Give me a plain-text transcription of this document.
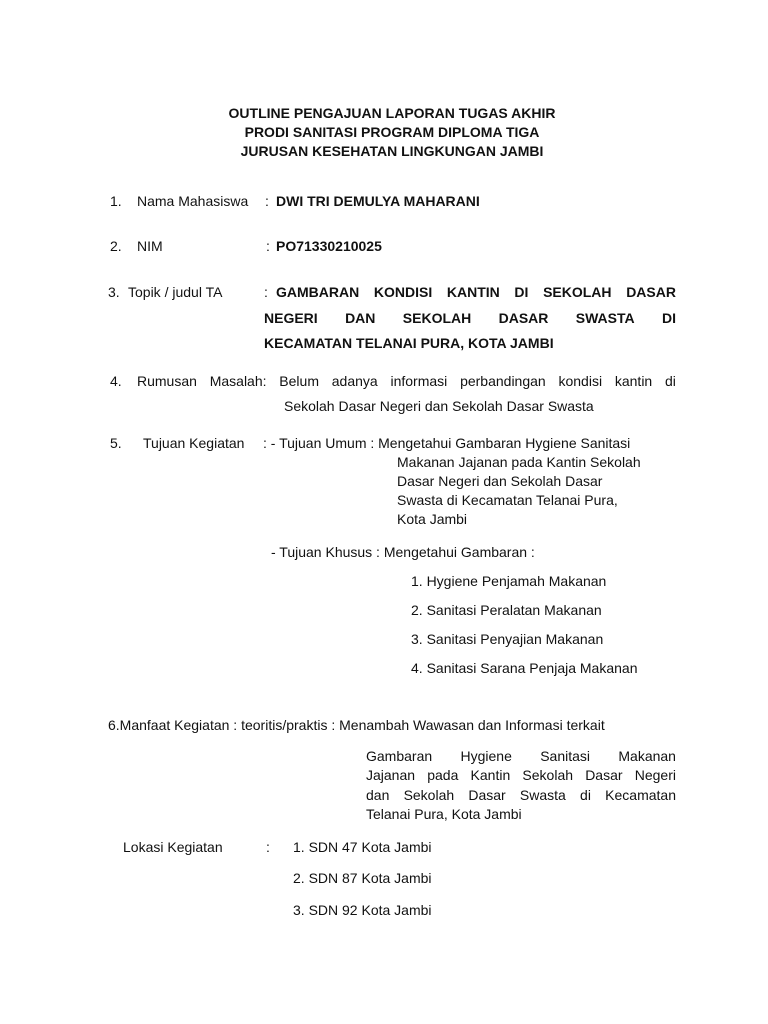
OUTLINE PENGAJUAN LAPORAN TUGAS AKHIR
PRODI SANITASI PROGRAM DIPLOMA TIGA
JURUSAN KESEHATAN LINGKUNGAN JAMBI
1. Nama Mahasiswa : DWI TRI DEMULYA MAHARANI
2. NIM	: PO71330210025
3. Topik / judul TA	: GAMBARAN KONDISI KANTIN DI SEKOLAH DASAR
NEGERI DAN SEKOLAH DASAR SWASTA DI
KECAMATAN TELANAI PURA, KOTA JAMBI
4. Rumusan Masalah: Belum adanya informasi perbandingan kondisi kantin di
Sekolah Dasar Negeri dan Sekolah Dasar Swasta
5. Tujuan Kegiatan : - Tujuan Umum : Mengetahui Gambaran Hygiene Sanitasi
Makanan Jajanan pada Kantin Sekolah
Dasar Negeri dan Sekolah Dasar
Swasta di Kecamatan Telanai Pura,
Kota Jambi
- Tujuan Khusus : Mengetahui Gambaran :
1. Hygiene Penjamah Makanan
2. Sanitasi Peralatan Makanan
3. Sanitasi Penyajian Makanan
4. Sanitasi Sarana Penjaja Makanan
6.Manfaat Kegiatan : teoritis/praktis : Menambah Wawasan dan Informasi terkait
Gambaran Hygiene Sanitasi Makanan
Jajanan pada Kantin Sekolah Dasar Negeri
dan Sekolah Dasar Swasta di Kecamatan
Telanai Pura, Kota Jambi
Lokasi Kegiatan	: 1. SDN 47 Kota Jambi
2. SDN 87 Kota Jambi
3. SDN 92 Kota Jambi
